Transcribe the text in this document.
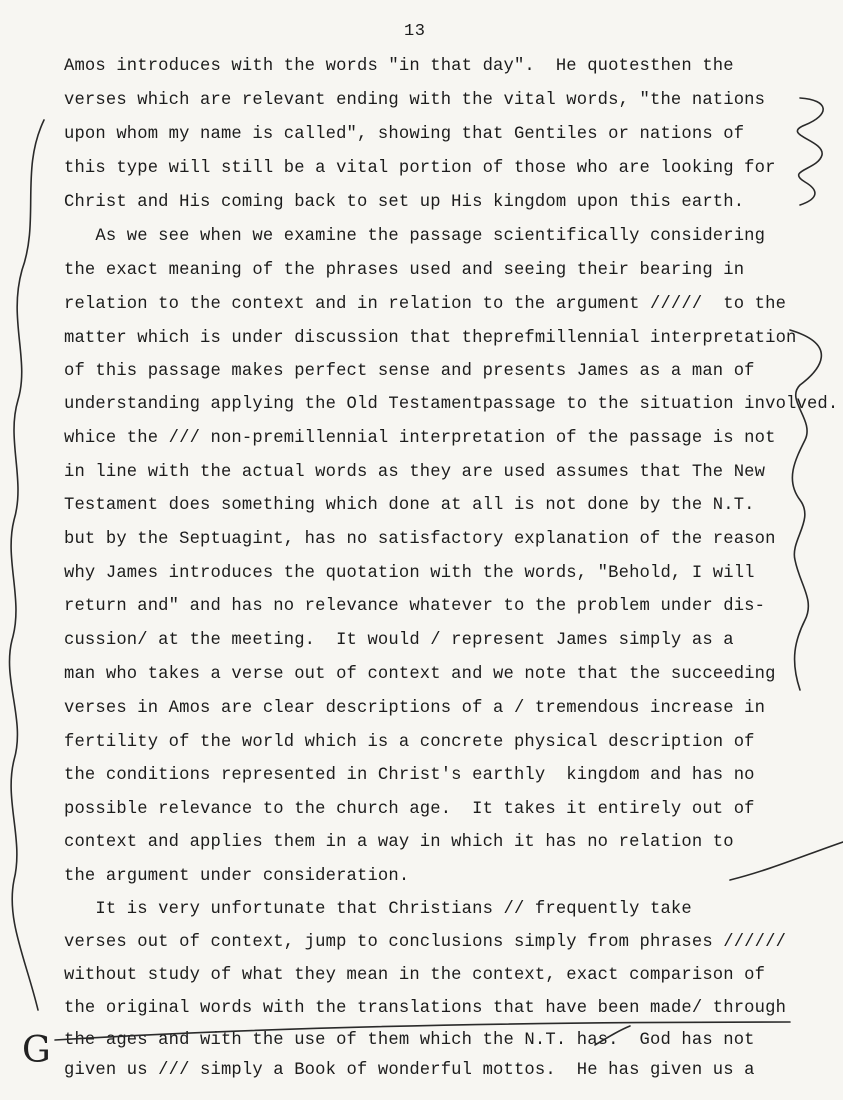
13
Amos introduces with the words "in that day".  He quotesthen the
verses which are relevant ending with the vital words, "the nations
upon whom my name is called", showing that Gentiles or nations of
this type will still be a vital portion of those who are looking for
Christ and His coming back to set up His kingdom upon this earth.
As we see when we examine the passage scientifically considering
the exact meaning of the phrases used and seeing their bearing in
relation to the context and in relation to the argument /////  to the
matter which is under discussion that theprefmillennial interpretation
of this passage makes perfect sense and presents James as a man of
understanding applying the Old Testamentpassage to the situation involved.
whice the /// non-premillennial interpretation of the passage is not
in line with the actual words as they are used assumes that The New
Testament does something which done at all is not done by the N.T.
but by the Septuagint, has no satisfactory explanation of the reason
why James introduces the quotation with the words, "Behold, I will
return and" and has no relevance whatever to the problem under dis-
cussion/ at the meeting.  It would / represent James simply as a
man who takes a verse out of context and we note that the succeeding
verses in Amos are clear descriptions of a / tremendous increase in
fertility of the world which is a concrete physical description of
the conditions represented in Christ's earthly  kingdom and has no
possible relevance to the church age.  It takes it entirely out of
context and applies them in a way in which it has no relation to
the argument under consideration.
It is very unfortunate that Christians // frequently take
verses out of context, jump to conclusions simply from phrases //////
without study of what they mean in the context, exact comparison of
the original words with the translations that have been made/ through
the ages and with the use of them which the N.T. has.  God has not
given us /// simply a Book of wonderful mottos.  He has given us a
G
